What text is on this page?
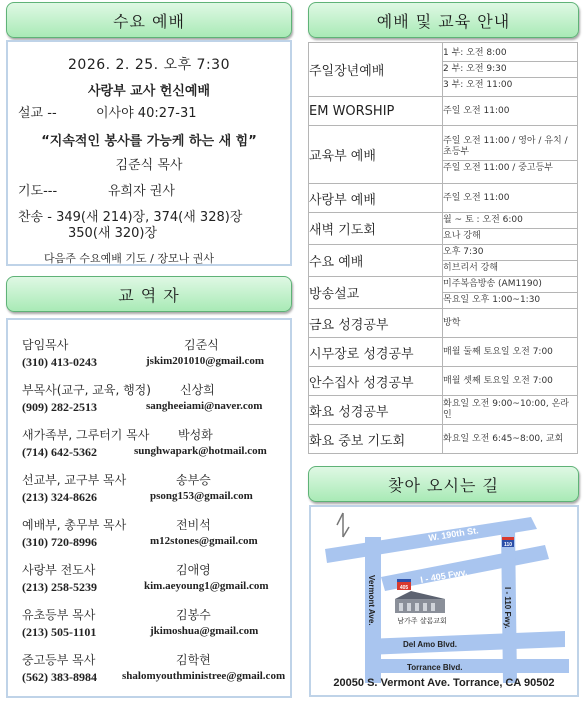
수요 예배
2026. 2. 25. 오후 7:30
사랑부 교사 헌신예배
설교 --	이사야 40:27-31
“지속적인 봉사를 가능케 하는 새 힘”
김준식 목사
기도---	유희자 권사
찬송 - 349(새 214)장, 374(새 328)장
350(새 320)장
다음주 수요예배 기도 / 장모나 권사
교 역 자
담임목사	김준식
(310) 413-0243	jskim201010@gmail.com
부목사(교구, 교육, 행정) 신상희
(909) 282-2513	sangheeiami@naver.com
새가족부, 그루터기 목사 박성화
(714) 642-5362	sunghwapark@hotmail.com
선교부, 교구부 목사	송부승
(213) 324-8626	psong153@gmail.com
예배부, 총무부 목사	전비석
(310) 720-8996	m12stones@gmail.com
사랑부 전도사	김애영
(213) 258-5239	kim.aeyoung1@gmail.com
유초등부 목사	김봉수
(213) 505-1101	jkimoshua@gmail.com
중고등부 목사	김학현
(562) 383-8984 shalomyouthministree@gmail.com
예배 및 교육 안내
주일장년예배	1 부: 오전 8:00
2 부: 오전 9:30
3 부: 오전 11:00

EM WORSHIP	주일 오전 11:00

교육부 예배	주일 오전 11:00 / 영아 / 유치 / 초등부
주일 오전 11:00 / 중고등부

사랑부 예배	주일 오전 11:00

새벽 기도회	월 ~ 토 : 오전 6:00
요나 강해

수요 예배	오후 7:30
히브리서 강해

방송설교	미주복음방송 (AM1190)
목요일 오후 1:00~1:30

금요 성경공부	방학

시무장로 성경공부	매월 둘째 토요일 오전 7:00

안수집사 성경공부	매월 셋째 토요일 오전 7:00

화요 성경공부	화요일 오전 9:00~10:00, 온라인

화요 중보 기도회	화요일 오전 6:45~8:00, 교회
찾아 오시는 길
405
110
W. 190th St.
I - 405 Fwy.
Vermont Ave.	I - 110 Fwy.
Del Amo Blvd.
Torrance Blvd.
남가주 샬롬교회
20050 S. Vermont Ave. Torrance, CA 90502
